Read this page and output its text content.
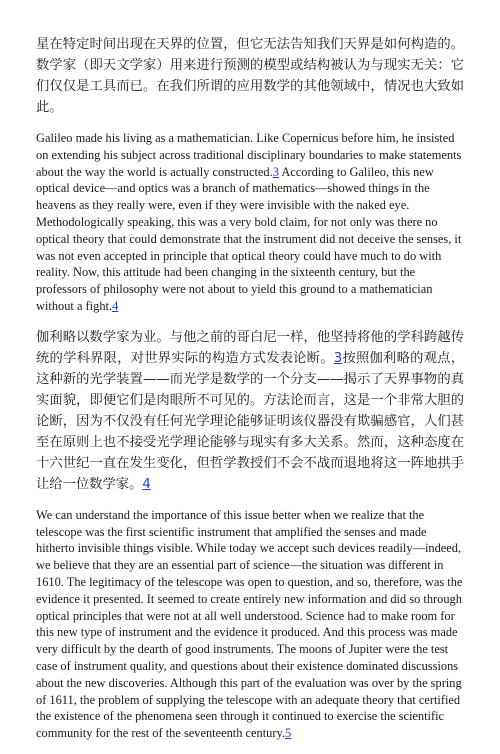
星在特定时间出现在天界的位置，但它无法告知我们天界是如何构造的。数学家（即天文学家）用来进行预测的模型或结构被认为与现实无关：它们仅仅是工具而已。在我们所谓的应用数学的其他领域中，情况也大致如此。

Galileo made his living as a mathematician. Like Copernicus before him, he insisted on extending his subject across traditional disciplinary boundaries to make statements about the way the world is actually constructed.3 According to Galileo, this new optical device—and optics was a branch of mathematics—showed things in the heavens as they really were, even if they were invisible with the naked eye. Methodologically speaking, this was a very bold claim, for not only was there no optical theory that could demonstrate that the instrument did not deceive the senses, it was not even accepted in principle that optical theory could have much to do with reality. Now, this attitude had been changing in the sixteenth century, but the professors of philosophy were not about to yield this ground to a mathematician without a fight.4

伽利略以数学家为业。与他之前的哥白尼一样，他坚持将他的学科跨越传统的学科界限，对世界实际的构造方式发表论断。3按照伽利略的观点，这种新的光学装置——而光学是数学的一个分支——揭示了天界事物的真实面貌，即便它们是肉眼所不可见的。方法论而言，这是一个非常大胆的论断，因为不仅没有任何光学理论能够证明该仪器没有欺骗感官，人们甚至在原则上也不接受光学理论能够与现实有多大关系。然而，这种态度在十六世纪一直在发生变化，但哲学教授们不会不战而退地将这一阵地拱手让给一位数学家。4

We can understand the importance of this issue better when we realize that the telescope was the first scientific instrument that amplified the senses and made hitherto invisible things visible. While today we accept such devices readily—indeed, we believe that they are an essential part of science—the situation was different in 1610. The legitimacy of the telescope was open to question, and so, therefore, was the evidence it presented. It seemed to create entirely new information and did so through optical principles that were not at all well understood. Science had to make room for this new type of instrument and the evidence it produced. And this process was made very difficult by the dearth of good instruments. The moons of Jupiter were the test case of instrument quality, and questions about their existence dominated discussions about the new discoveries. Although this part of the evaluation was over by the spring of 1611, the problem of supplying the telescope with an adequate theory that certified the existence of the phenomena seen through it continued to exercise the scientific community for the rest of the seventeenth century.5
